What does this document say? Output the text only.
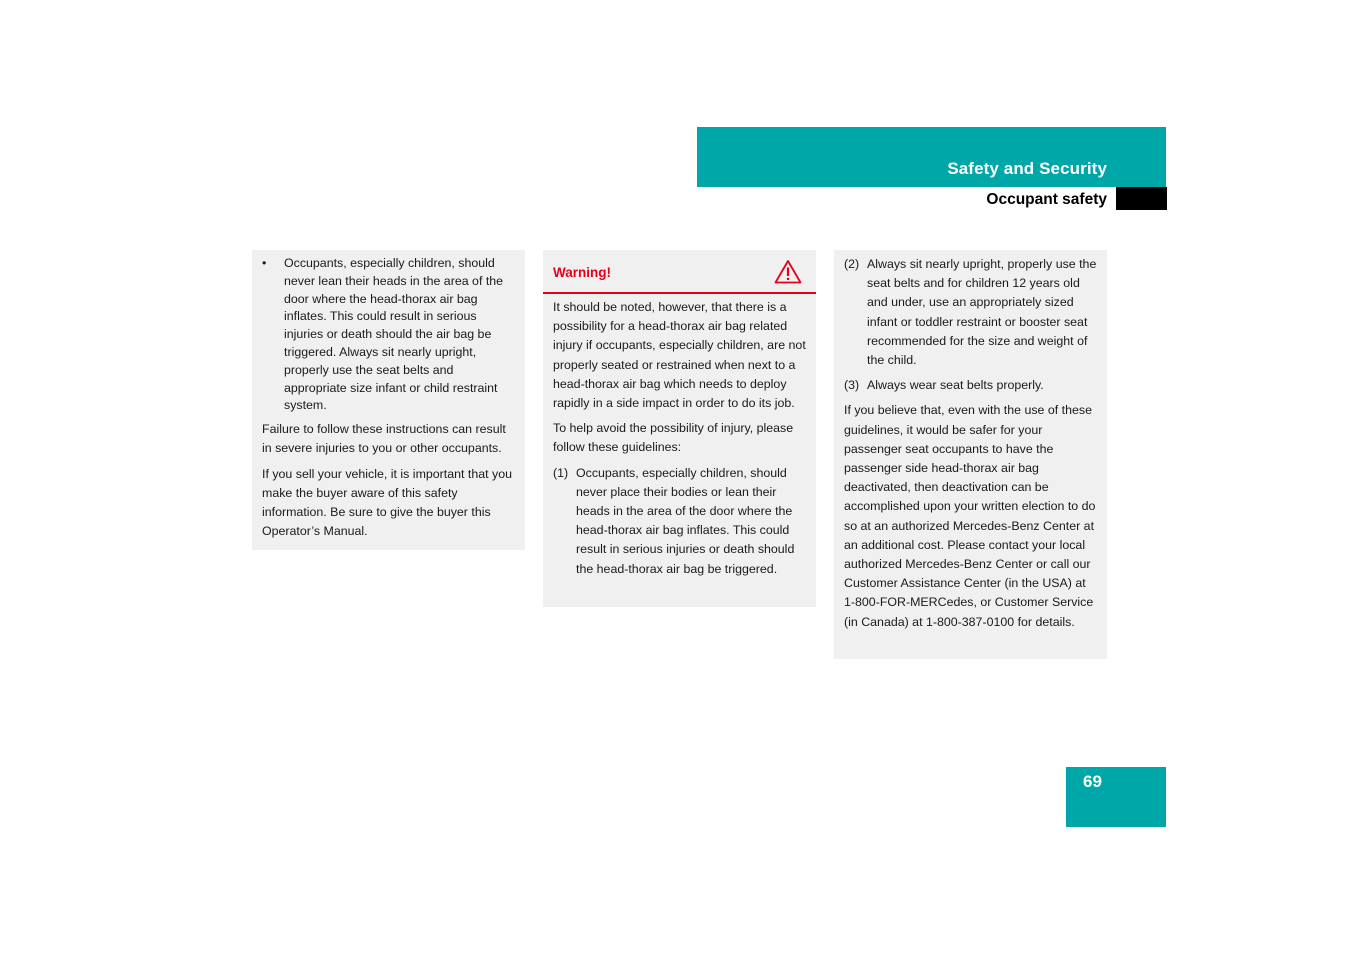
Safety and Security
Occupant safety
• Occupants, especially children, should never lean their heads in the area of the door where the head-thorax air bag inflates. This could result in serious injuries or death should the air bag be triggered. Always sit nearly upright, properly use the seat belts and appropriate size infant or child restraint system.

Failure to follow these instructions can result in severe injuries to you or other occupants.

If you sell your vehicle, it is important that you make the buyer aware of this safety information. Be sure to give the buyer this Operator’s Manual.

Warning!

It should be noted, however, that there is a possibility for a head-thorax air bag related injury if occupants, especially children, are not properly seated or restrained when next to a head-thorax air bag which needs to deploy rapidly in a side impact in order to do its job.

To help avoid the possibility of injury, please follow these guidelines:

(1) Occupants, especially children, should never place their bodies or lean their heads in the area of the door where the head-thorax air bag inflates. This could result in serious injuries or death should the head-thorax air bag be triggered.
(2) Always sit nearly upright, properly use the seat belts and for children 12 years old and under, use an appropriately sized infant or toddler restraint or booster seat recommended for the size and weight of the child.
(3) Always wear seat belts properly.

If you believe that, even with the use of these guidelines, it would be safer for your passenger seat occupants to have the passenger side head-thorax air bag deactivated, then deactivation can be accomplished upon your written election to do so at an authorized Mercedes-Benz Center at an additional cost. Please contact your local authorized Mercedes-Benz Center or call our Customer Assistance Center (in the USA) at 1-800-FOR-MERCedes, or Customer Service (in Canada) at 1-800-387-0100 for details.

69
